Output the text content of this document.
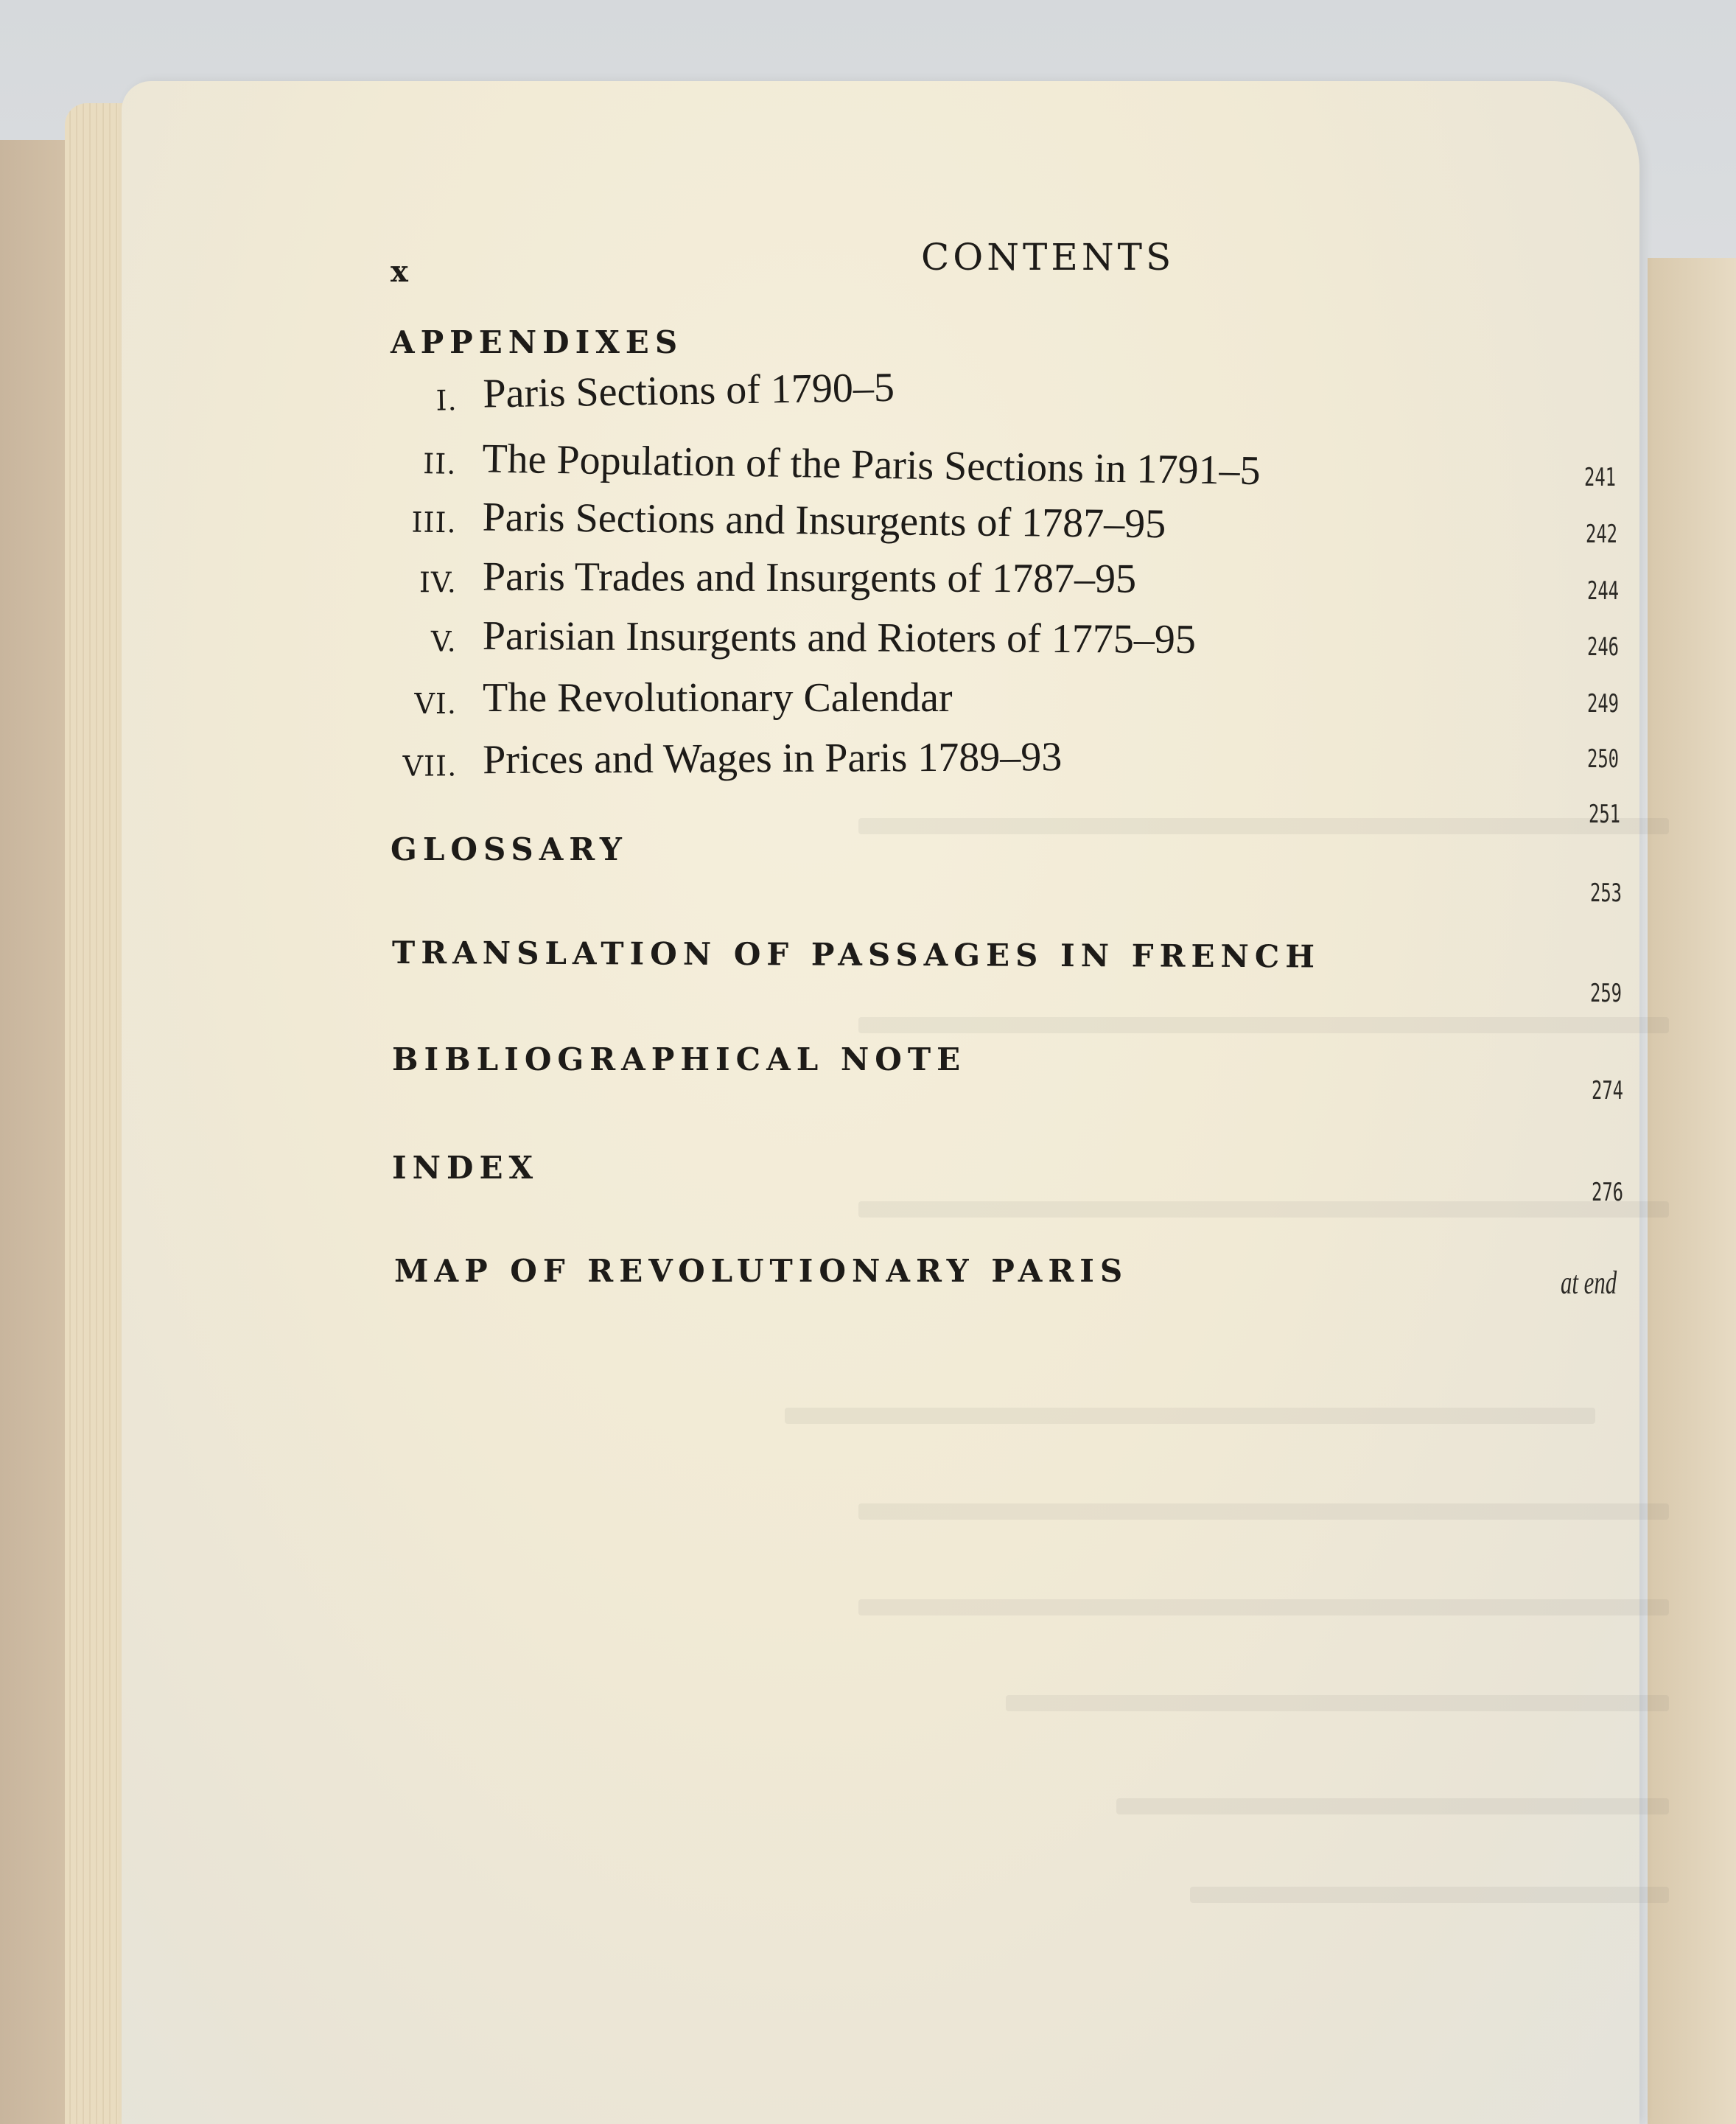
x	CONTENTS
APPENDIXES
I. Paris Sections of 1790–5
II. The Population of the Paris Sections in 1791–5
III. Paris Sections and Insurgents of 1787–95
IV. Paris Trades and Insurgents of 1787–95
V. Parisian Insurgents and Rioters of 1775–95
VI. The Revolutionary Calendar
VII. Prices and Wages in Paris 1789–93
GLOSSARY
TRANSLATION OF PASSAGES IN FRENCH
BIBLIOGRAPHICAL NOTE
INDEX
MAP OF REVOLUTIONARY PARIS
241
242
244
246
249
250
251
253
259
274
276
at end
